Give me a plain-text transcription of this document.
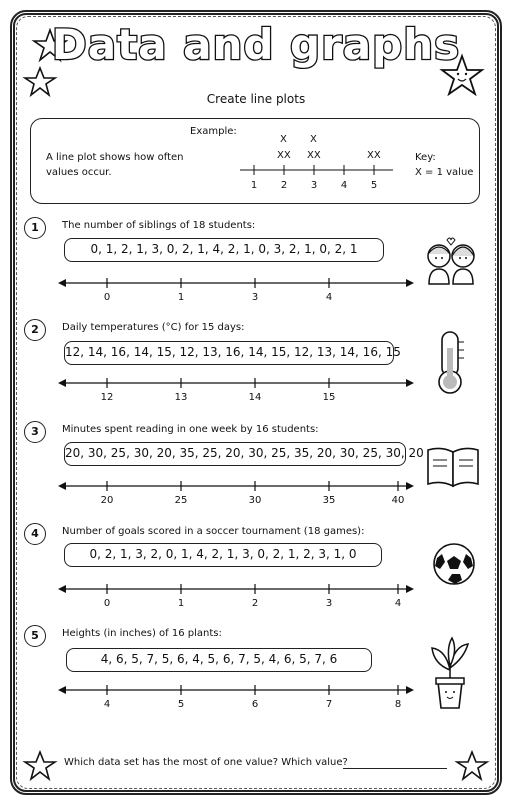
Data and graphs
Create line plots
Example:
A line plot shows how often values occur.
Key:
X = 1 value
X X
XX XX	XX
1	2	3	4	5
1	The number of siblings of 18 students:
0, 1, 2, 1, 3, 0, 2, 1, 4, 2, 1, 0, 3, 2, 1, 0, 2, 1
2	Daily temperatures (°C) for 15 days:
12, 14, 16, 14, 15, 12, 13, 16, 14, 15, 12, 13, 14, 16, 15
3	Minutes spent reading in one week by 16 students:
20, 30, 25, 30, 20, 35, 25, 20, 30, 25, 35, 20, 30, 25, 30, 20
4	Number of goals scored in a soccer tournament (18 games):
0, 2, 1, 3, 2, 0, 1, 4, 2, 1, 3, 0, 2, 1, 2, 3, 1, 0
5	Heights (in inches) of 16 plants:
4, 6, 5, 7, 5, 6, 4, 5, 6, 7, 5, 4, 6, 5, 7, 6
0	1	3	4
12	13	14	15
20	25	30	35	40
0	1	2	3	4
4	5	6	7	8
Which data set has the most of one value? Which value?
